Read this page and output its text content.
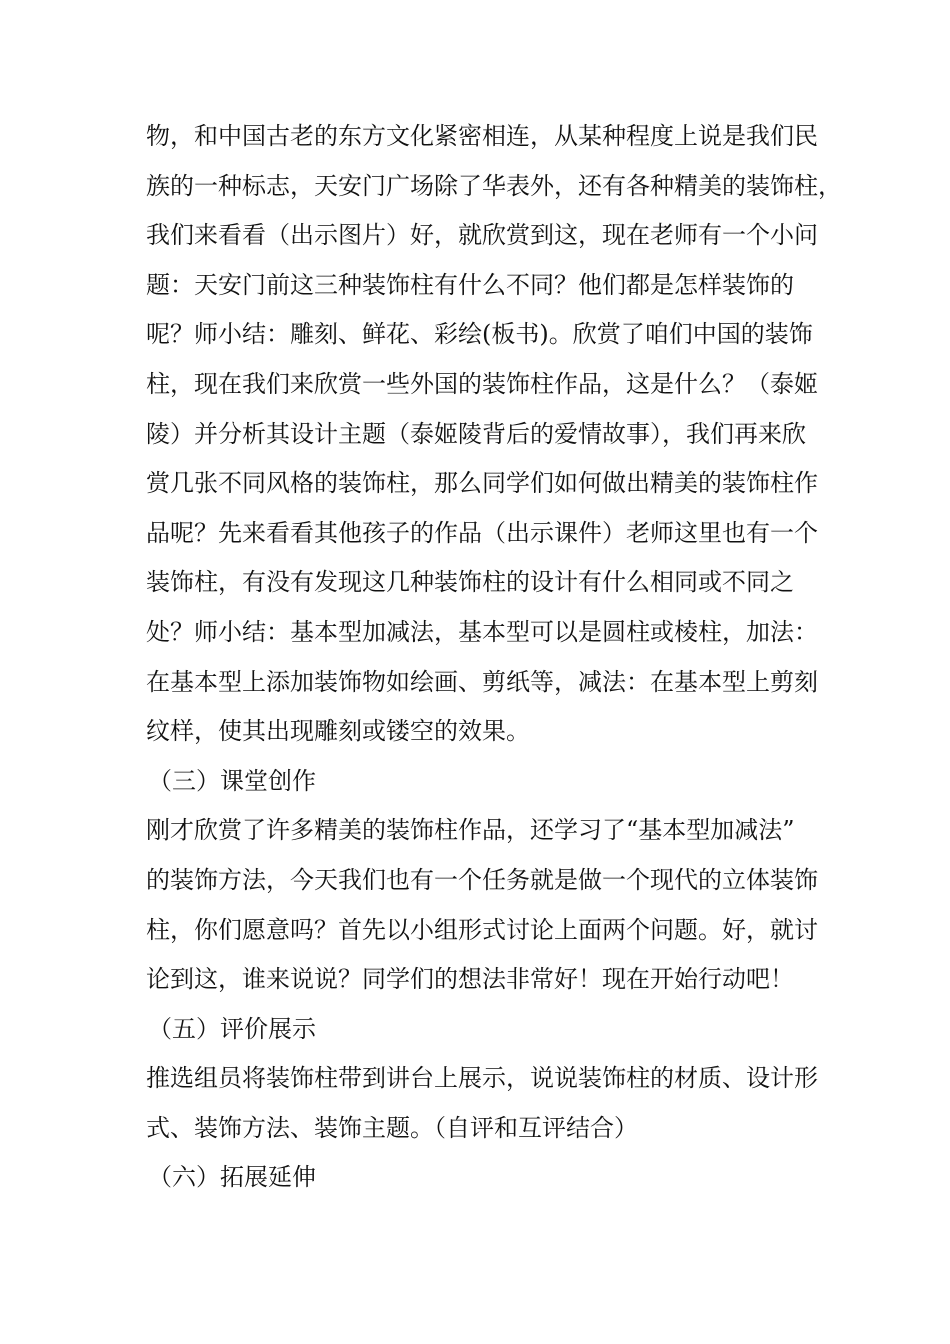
物，和中国古老的东方文化紧密相连，从某种程度上说是我们民
族的一种标志，天安门广场除了华表外，还有各种精美的装饰柱，
我们来看看（出示图片）好，就欣赏到这，现在老师有一个小问
题：天安门前这三种装饰柱有什么不同？他们都是怎样装饰的
呢？师小结：雕刻、鲜花、彩绘(板书)。欣赏了咱们中国的装饰
柱，现在我们来欣赏一些外国的装饰柱作品，这是什么？（泰姬
陵）并分析其设计主题（泰姬陵背后的爱情故事），我们再来欣
赏几张不同风格的装饰柱，那么同学们如何做出精美的装饰柱作
品呢？先来看看其他孩子的作品（出示课件）老师这里也有一个
装饰柱，有没有发现这几种装饰柱的设计有什么相同或不同之
处？师小结：基本型加减法，基本型可以是圆柱或棱柱，加法：
在基本型上添加装饰物如绘画、剪纸等，减法：在基本型上剪刻
纹样，使其出现雕刻或镂空的效果。
（三）课堂创作
刚才欣赏了许多精美的装饰柱作品，还学习了“基本型加减法”
的装饰方法，今天我们也有一个任务就是做一个现代的立体装饰
柱，你们愿意吗？首先以小组形式讨论上面两个问题。好，就讨
论到这，谁来说说？同学们的想法非常好！现在开始行动吧！
（五）评价展示
推选组员将装饰柱带到讲台上展示，说说装饰柱的材质、设计形
式、装饰方法、装饰主题。（自评和互评结合）
（六）拓展延伸
